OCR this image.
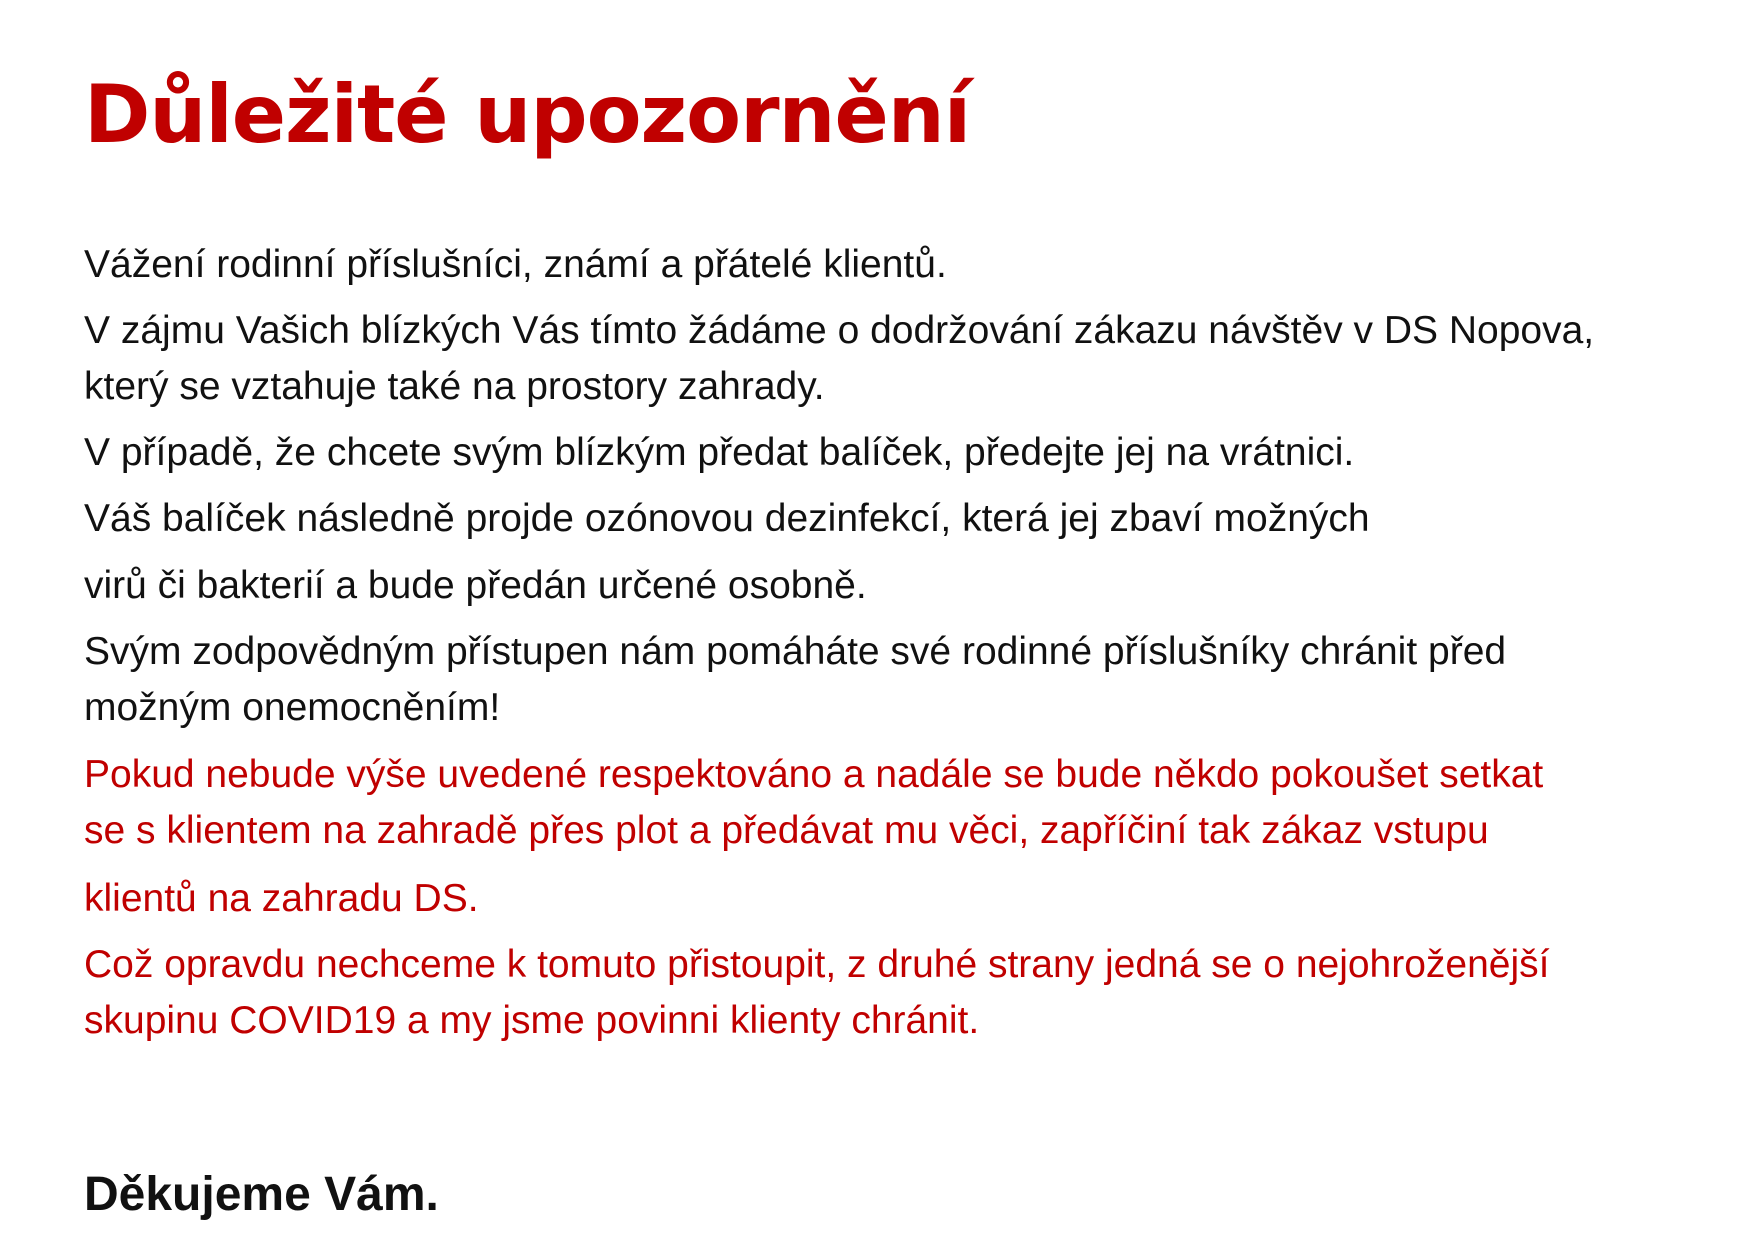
Důležité upozornění

Vážení rodinní příslušníci, známí a přátelé klientů.

V zájmu Vašich blízkých Vás tímto žádáme o dodržování zákazu návštěv v DS Nopova,

který se vztahuje také na prostory zahrady.

V případě, že chcete svým blízkým předat balíček, předejte jej na vrátnici.

Váš balíček následně projde ozónovou dezinfekcí, která jej zbaví možných

virů či bakterií a bude předán určené osobně.

Svým zodpovědným přístupen nám pomáháte své rodinné příslušníky chránit před

možným onemocněním!

Pokud nebude výše uvedené respektováno a nadále se bude někdo pokoušet setkat

se s klientem na zahradě přes plot a předávat mu věci, zapříčiní tak zákaz vstupu

klientů na zahradu DS.

Což opravdu nechceme k tomuto přistoupit, z druhé strany jedná se o nejohroženější

skupinu COVID19 a my jsme povinni klienty chránit.

Děkujeme Vám.
